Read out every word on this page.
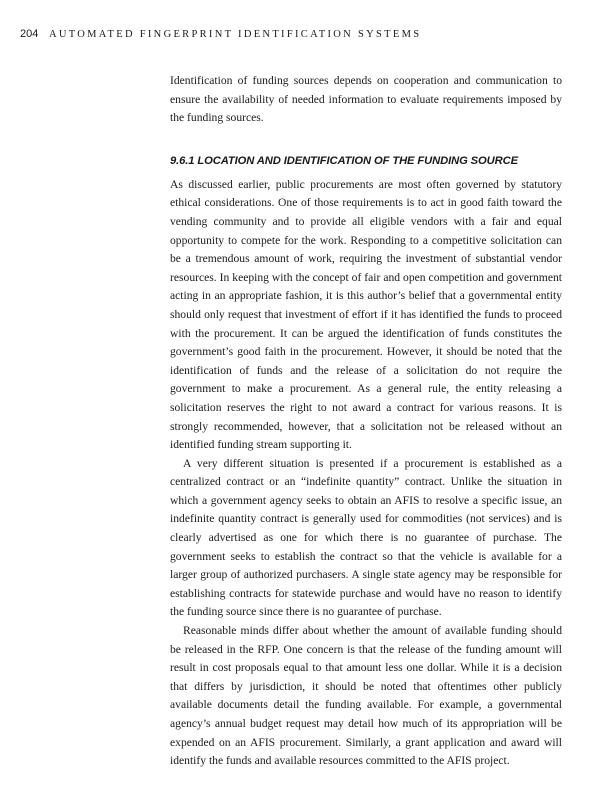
204 AUTOMATED FINGERPRINT IDENTIFICATION SYSTEMS

Identification of funding sources depends on cooperation and communication to ensure the availability of needed information to evaluate requirements imposed by the funding sources.

9.6.1 LOCATION AND IDENTIFICATION OF THE FUNDING SOURCE

As discussed earlier, public procurements are most often governed by statutory ethical considerations. One of those requirements is to act in good faith toward the vending community and to provide all eligible vendors with a fair and equal opportunity to compete for the work. Responding to a competitive solicitation can be a tremendous amount of work, requiring the investment of substantial vendor resources. In keeping with the concept of fair and open competition and government acting in an appropriate fashion, it is this author’s belief that a governmental entity should only request that investment of effort if it has identified the funds to proceed with the procurement. It can be argued the identification of funds constitutes the government’s good faith in the procurement. However, it should be noted that the identification of funds and the release of a solicitation do not require the government to make a procurement. As a general rule, the entity releasing a solicitation reserves the right to not award a contract for various reasons. It is strongly recommended, however, that a solicitation not be released without an identified funding stream supporting it.

A very different situation is presented if a procurement is established as a centralized contract or an “indefinite quantity” contract. Unlike the situation in which a government agency seeks to obtain an AFIS to resolve a specific issue, an indefinite quantity contract is generally used for commodities (not services) and is clearly advertised as one for which there is no guarantee of purchase. The government seeks to establish the contract so that the vehicle is available for a larger group of authorized purchasers. A single state agency may be responsible for establishing contracts for statewide purchase and would have no reason to identify the funding source since there is no guarantee of purchase.

Reasonable minds differ about whether the amount of available funding should be released in the RFP. One concern is that the release of the funding amount will result in cost proposals equal to that amount less one dollar. While it is a decision that differs by jurisdiction, it should be noted that oftentimes other publicly available documents detail the funding available. For example, a governmental agency’s annual budget request may detail how much of its appropriation will be expended on an AFIS procurement. Similarly, a grant application and award will identify the funds and available resources committed to the AFIS project.
